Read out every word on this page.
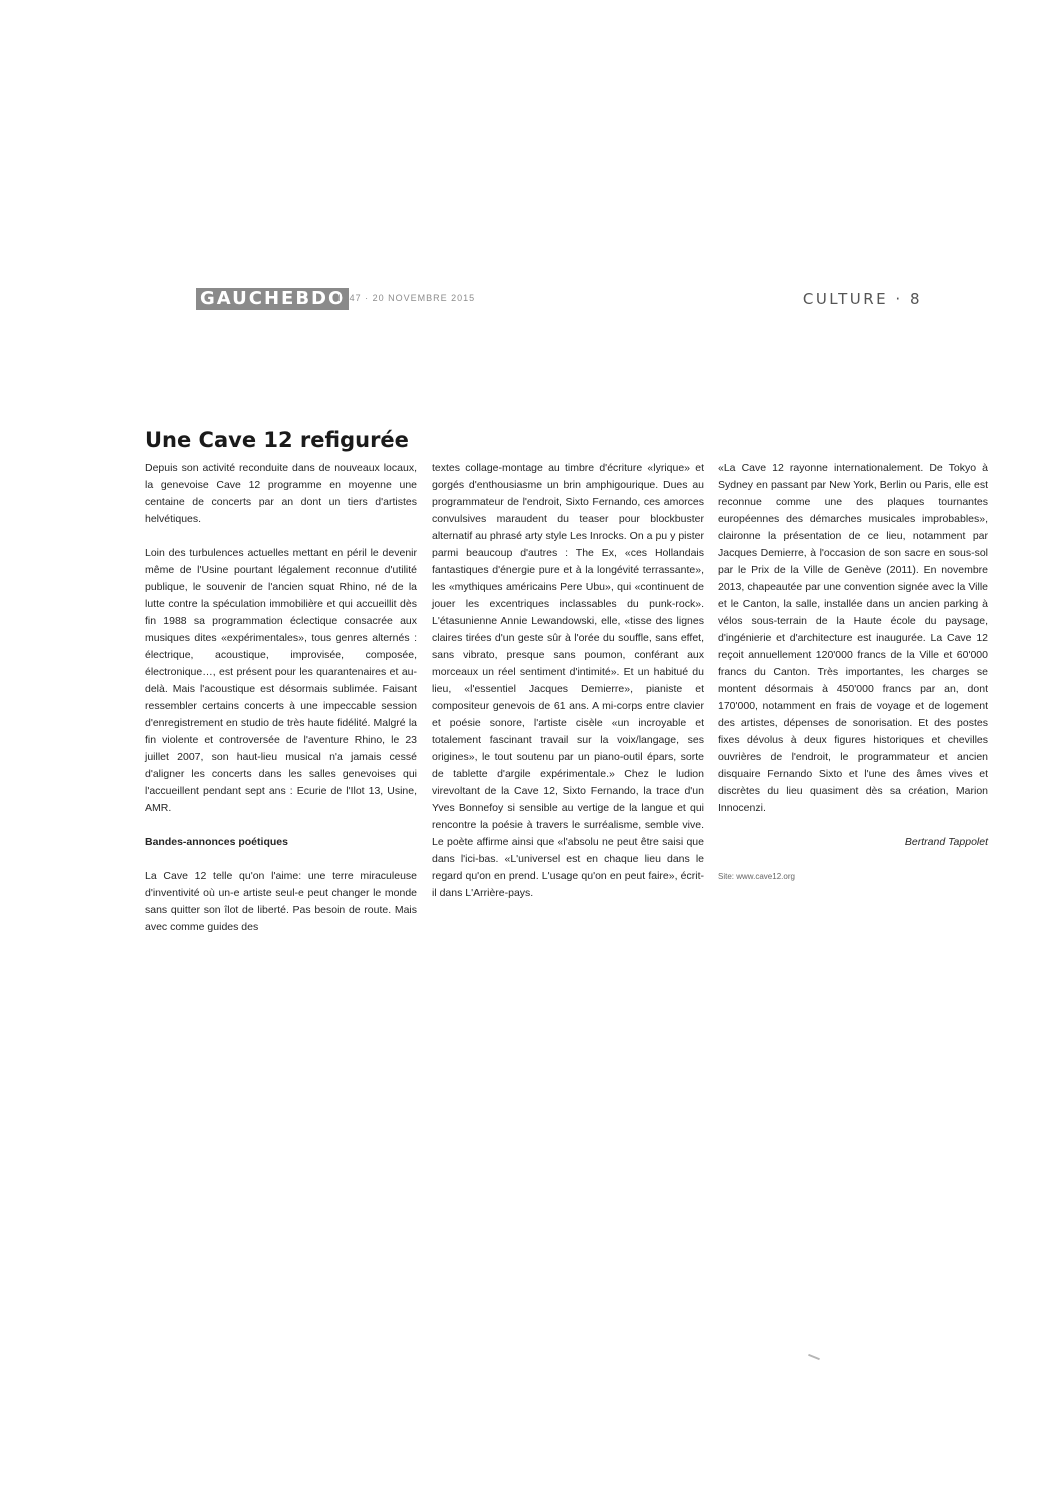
GAUCHEBDO
N° 47 · 20 NOVEMBRE 2015	CULTURE · 8
Une Cave 12 refigurée

Depuis son activité reconduite dans de nouveaux locaux, la genevoise Cave 12 programme en moyenne une centaine de concerts par an dont un tiers d'artistes helvétiques.

Loin des turbulences actuelles mettant en péril le devenir même de l'Usine pourtant légalement reconnue d'utilité publique, le souvenir de l'ancien squat Rhino, né de la lutte contre la spéculation immobilière et qui accueillit dès fin 1988 sa programmation éclectique consacrée aux musiques dites «expérimentales», tous genres alternés : électrique, acoustique, improvisée, composée, électronique…, est présent pour les quarantenaires et au-delà. Mais l'acoustique est désormais sublimée. Faisant ressembler certains concerts à une impeccable session d'enregistrement en studio de très haute fidélité. Malgré la fin violente et controversée de l'aventure Rhino, le 23 juillet 2007, son haut-lieu musical n'a jamais cessé d'aligner les concerts dans les salles genevoises qui l'accueillent pendant sept ans : Ecurie de l'Ilot 13, Usine, AMR.

Bandes-annonces poétiques

La Cave 12 telle qu'on l'aime: une terre miraculeuse d'inventivité où un-e artiste seul-e peut changer le monde sans quitter son îlot de liberté. Pas besoin de route. Mais avec comme guides des

textes collage-montage au timbre d'écriture «lyrique» et gorgés d'enthousiasme un brin amphigourique. Dues au programmateur de l'endroit, Sixto Fernando, ces amorces convulsives maraudent du teaser pour blockbuster alternatif au phrasé arty style Les Inrocks. On a pu y pister parmi beaucoup d'autres : The Ex, «ces Hollandais fantastiques d'énergie pure et à la longévité terrassante», les «mythiques américains Pere Ubu», qui «continuent de jouer les excentriques inclassables du punk-rock». L'étasunienne Annie Lewandowski, elle, «tisse des lignes claires tirées d'un geste sûr à l'orée du souffle, sans effet, sans vibrato, presque sans poumon, conférant aux morceaux un réel sentiment d'intimité». Et un habitué du lieu, «l'essentiel Jacques Demierre», pianiste et compositeur genevois de 61 ans. A mi-corps entre clavier et poésie sonore, l'artiste cisèle «un incroyable et totalement fascinant travail sur la voix/langage, ses origines», le tout soutenu par un piano-outil épars, sorte de tablette d'argile expérimentale.» Chez le ludion virevoltant de la Cave 12, Sixto Fernando, la trace d'un Yves Bonnefoy si sensible au vertige de la langue et qui rencontre la poésie à travers le surréalisme, semble vive. Le poète affirme ainsi que «l'absolu ne peut être saisi que dans l'ici-bas. «L'universel est en chaque lieu dans le regard qu'on en prend. L'usage qu'on en peut faire», écrit-il dans L'Arrière-pays.

«La Cave 12 rayonne internationalement. De Tokyo à Sydney en passant par New York, Berlin ou Paris, elle est reconnue comme une des plaques tournantes européennes des démarches musicales improbables», claironne la présentation de ce lieu, notamment par Jacques Demierre, à l'occasion de son sacre en sous-sol par le Prix de la Ville de Genève (2011). En novembre 2013, chapeautée par une convention signée avec la Ville et le Canton, la salle, installée dans un ancien parking à vélos sous-terrain de la Haute école du paysage, d'ingénierie et d'architecture est inaugurée. La Cave 12 reçoit annuellement 120'000 francs de la Ville et 60'000 francs du Canton. Très importantes, les charges se montent désormais à 450'000 francs par an, dont 170'000, notamment en frais de voyage et de logement des artistes, dépenses de sonorisation. Et des postes fixes dévolus à deux figures historiques et chevilles ouvrières de l'endroit, le programmateur et ancien disquaire Fernando Sixto et l'une des âmes vives et discrètes du lieu quasiment dès sa création, Marion Innocenzi.

Bertrand Tappolet

Site: www.cave12.org
